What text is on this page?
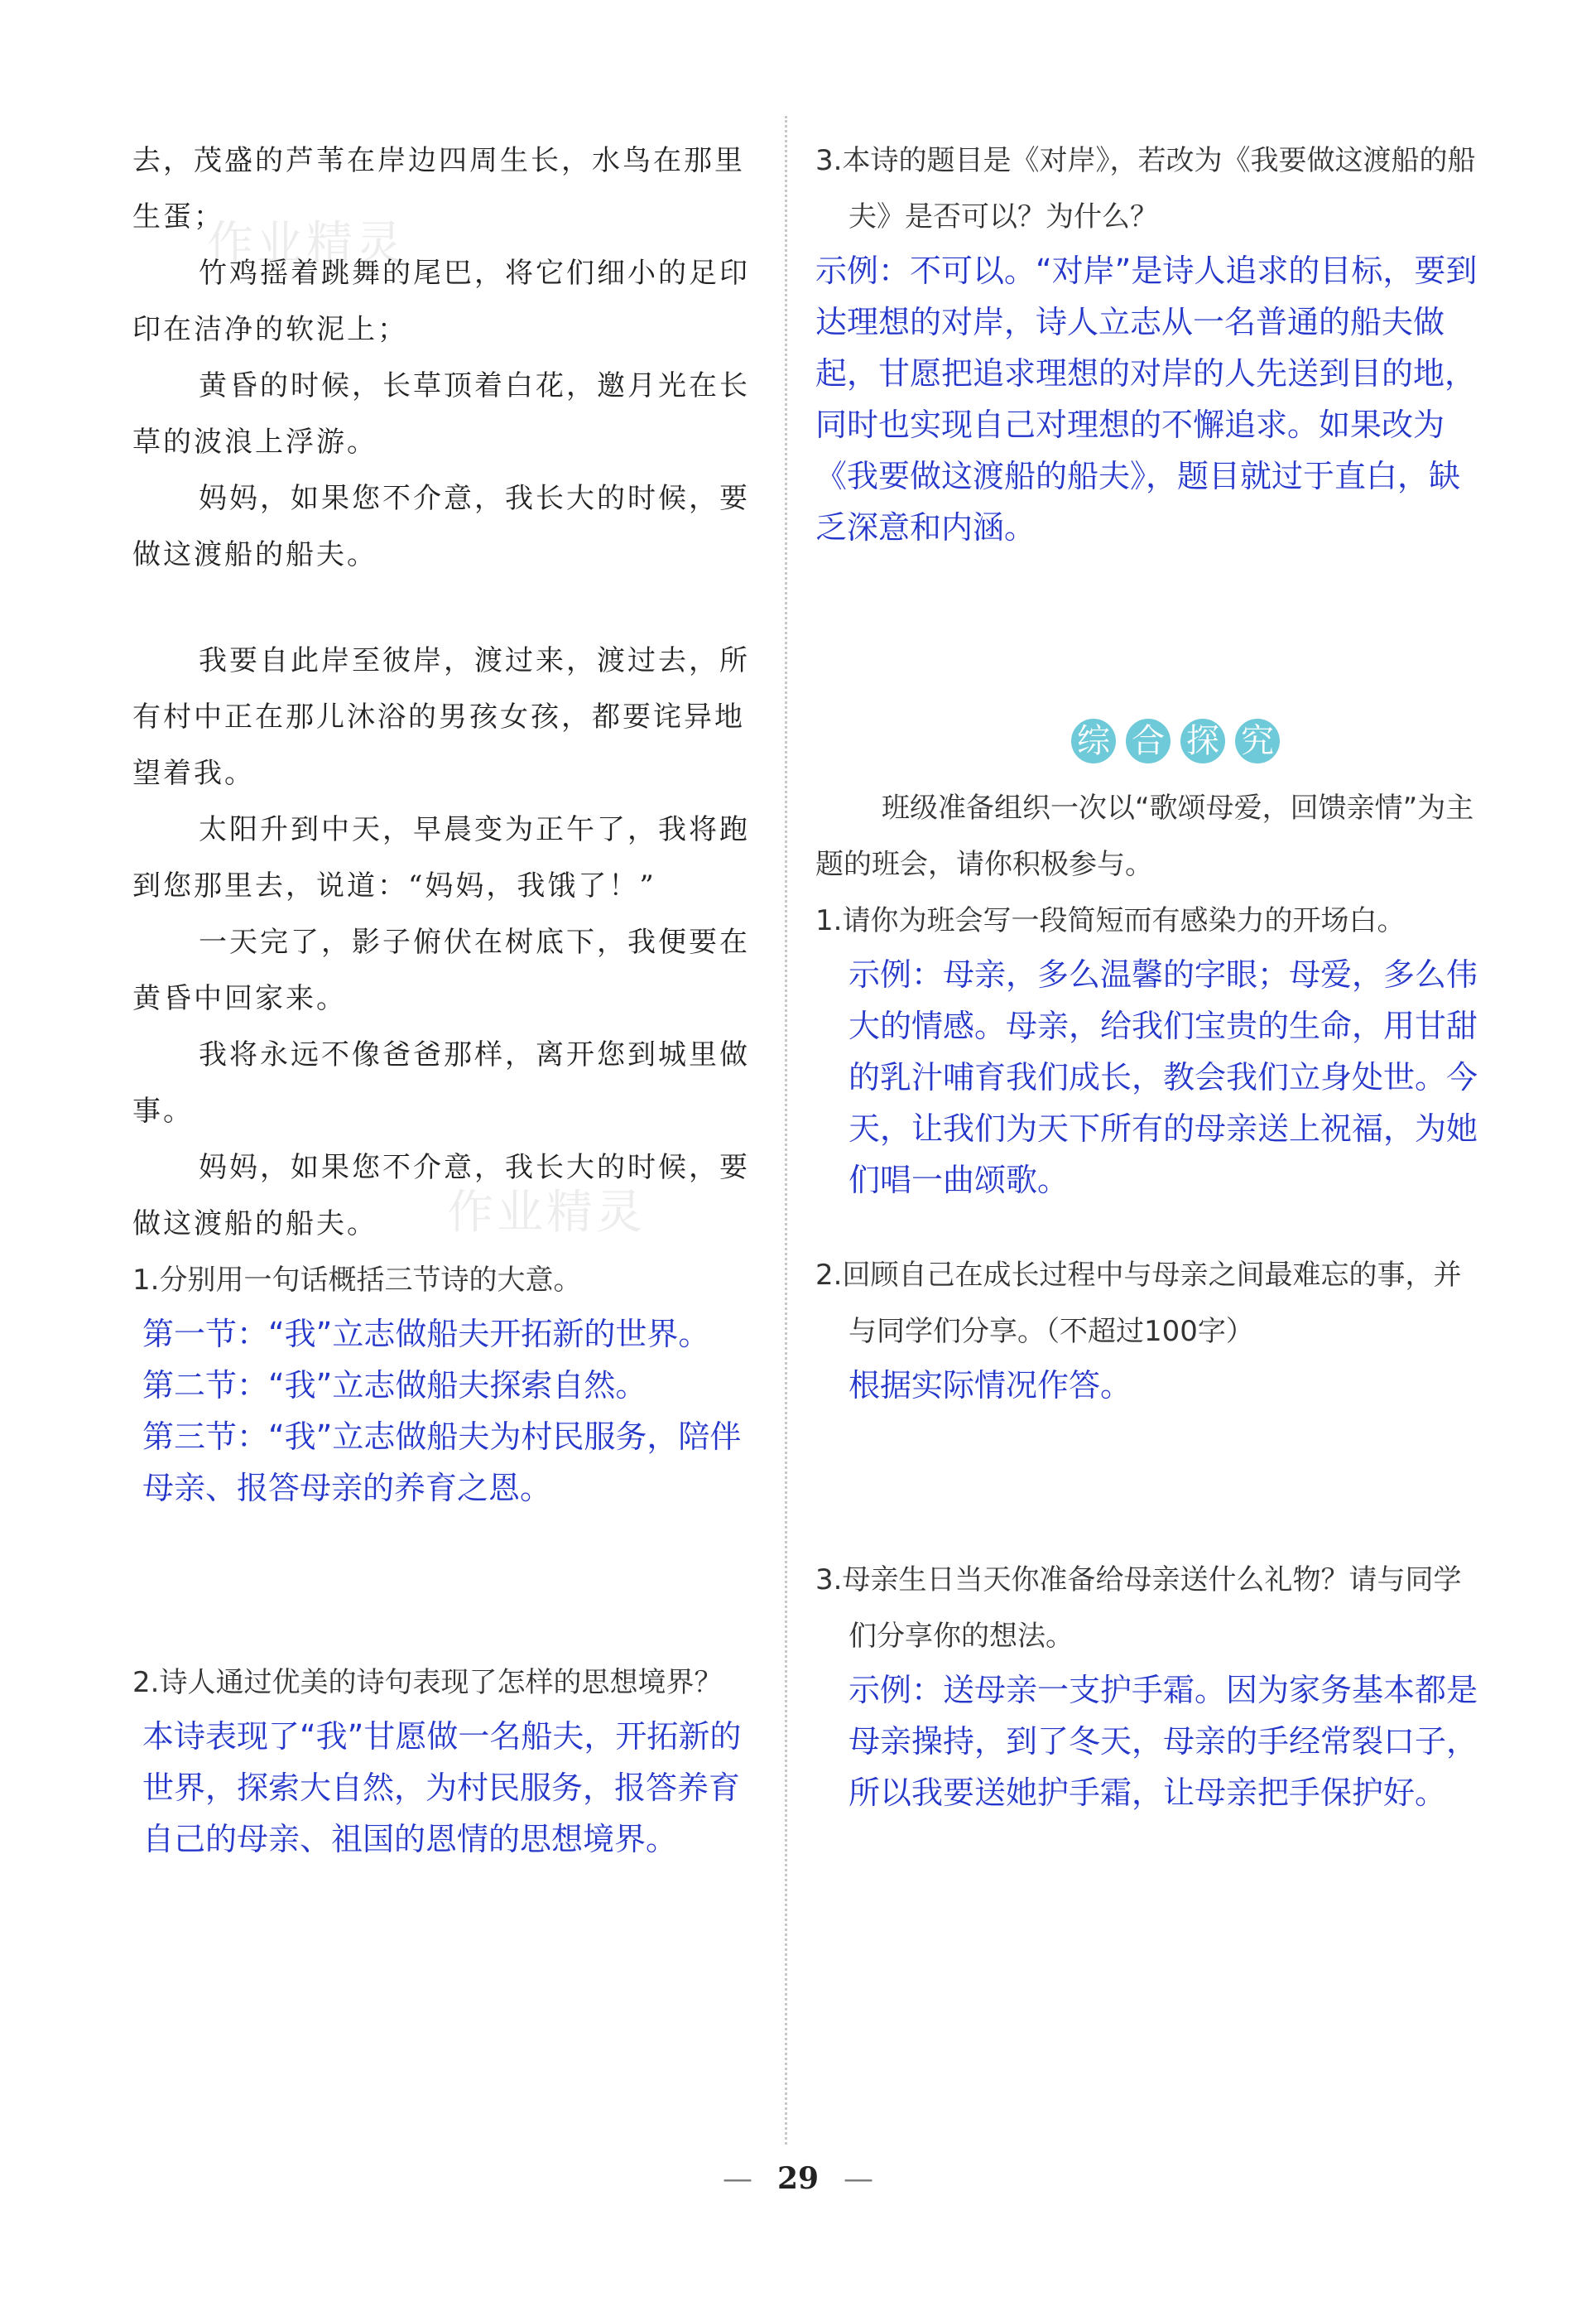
作业精灵
作业精灵

去，茂盛的芦苇在岸边四周生长，水鸟在那里生蛋；

竹鸡摇着跳舞的尾巴，将它们细小的足印印在洁净的软泥上；

黄昏的时候，长草顶着白花，邀月光在长草的波浪上浮游。

妈妈，如果您不介意，我长大的时候，要做这渡船的船夫。

我要自此岸至彼岸，渡过来，渡过去，所有村中正在那儿沐浴的男孩女孩，都要诧异地望着我。

太阳升到中天，早晨变为正午了，我将跑到您那里去，说道：“妈妈，我饿了！”

一天完了，影子俯伏在树底下，我便要在黄昏中回家来。

我将永远不像爸爸那样，离开您到城里做事。

妈妈，如果您不介意，我长大的时候，要做这渡船的船夫。

1.分别用一句话概括三节诗的大意。

第一节：“我”立志做船夫开拓新的世界。

第二节：“我”立志做船夫探索自然。

第三节：“我”立志做船夫为村民服务，陪伴母亲、报答母亲的养育之恩。

2.诗人通过优美的诗句表现了怎样的思想境界？

本诗表现了“我”甘愿做一名船夫，开拓新的世界，探索大自然，为村民服务，报答养育自己的母亲、祖国的恩情的思想境界。

3.本诗的题目是《对岸》，若改为《我要做这渡船的船夫》是否可以？为什么？

示例：不可以。“对岸”是诗人追求的目标，要到达理想的对岸，诗人立志从一名普通的船夫做起，甘愿把追求理想的对岸的人先送到目的地，同时也实现自己对理想的不懈追求。如果改为《我要做这渡船的船夫》，题目就过于直白，缺乏深意和内涵。

综 合 探 究

班级准备组织一次以“歌颂母爱，回馈亲情”为主题的班会，请你积极参与。

1.请你为班会写一段简短而有感染力的开场白。

示例：母亲，多么温馨的字眼；母爱，多么伟大的情感。母亲，给我们宝贵的生命，用甘甜的乳汁哺育我们成长，教会我们立身处世。今天，让我们为天下所有的母亲送上祝福，为她们唱一曲颂歌。

2.回顾自己在成长过程中与母亲之间最难忘的事，并与同学们分享。（不超过100字）

根据实际情况作答。

3.母亲生日当天你准备给母亲送什么礼物？请与同学们分享你的想法。

示例：送母亲一支护手霜。因为家务基本都是母亲操持，到了冬天，母亲的手经常裂口子，所以我要送她护手霜，让母亲把手保护好。

— 29 —
